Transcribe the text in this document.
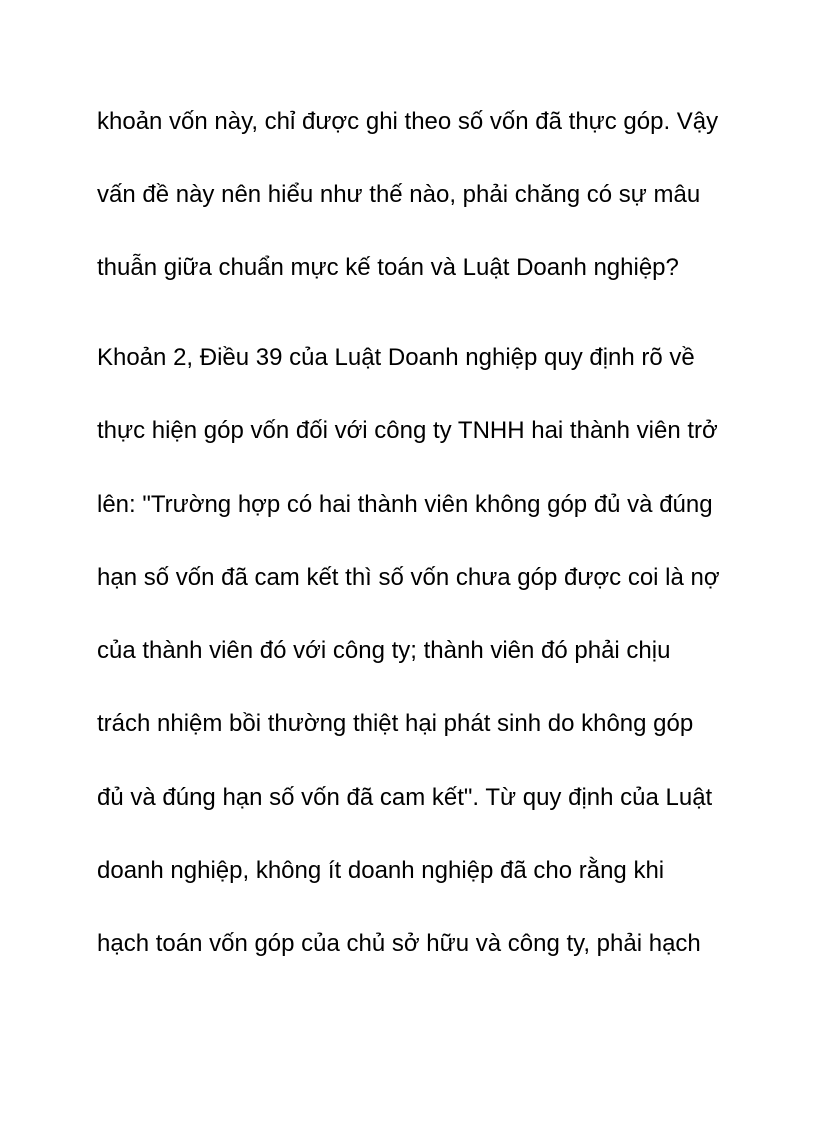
khoản vốn này, chỉ được ghi theo số vốn đã thực góp. Vậy

vấn đề này nên hiểu như thế nào, phải chăng có sự mâu

thuẫn giữa chuẩn mực kế toán và Luật Doanh nghiệp?

Khoản 2, Điều 39 của Luật Doanh nghiệp quy định rõ về

thực hiện góp vốn đối với công ty TNHH hai thành viên trở

lên: "Trường hợp có hai thành viên không góp đủ và đúng

hạn số vốn đã cam kết thì số vốn chưa góp được coi là nợ

của thành viên đó với công ty; thành viên đó phải chịu

trách nhiệm bồi thường thiệt hại phát sinh do không góp

đủ và đúng hạn số vốn đã cam kết". Từ quy định của Luật

doanh nghiệp, không ít doanh nghiệp đã cho rằng khi

hạch toán vốn góp của chủ sở hữu và công ty, phải hạch
